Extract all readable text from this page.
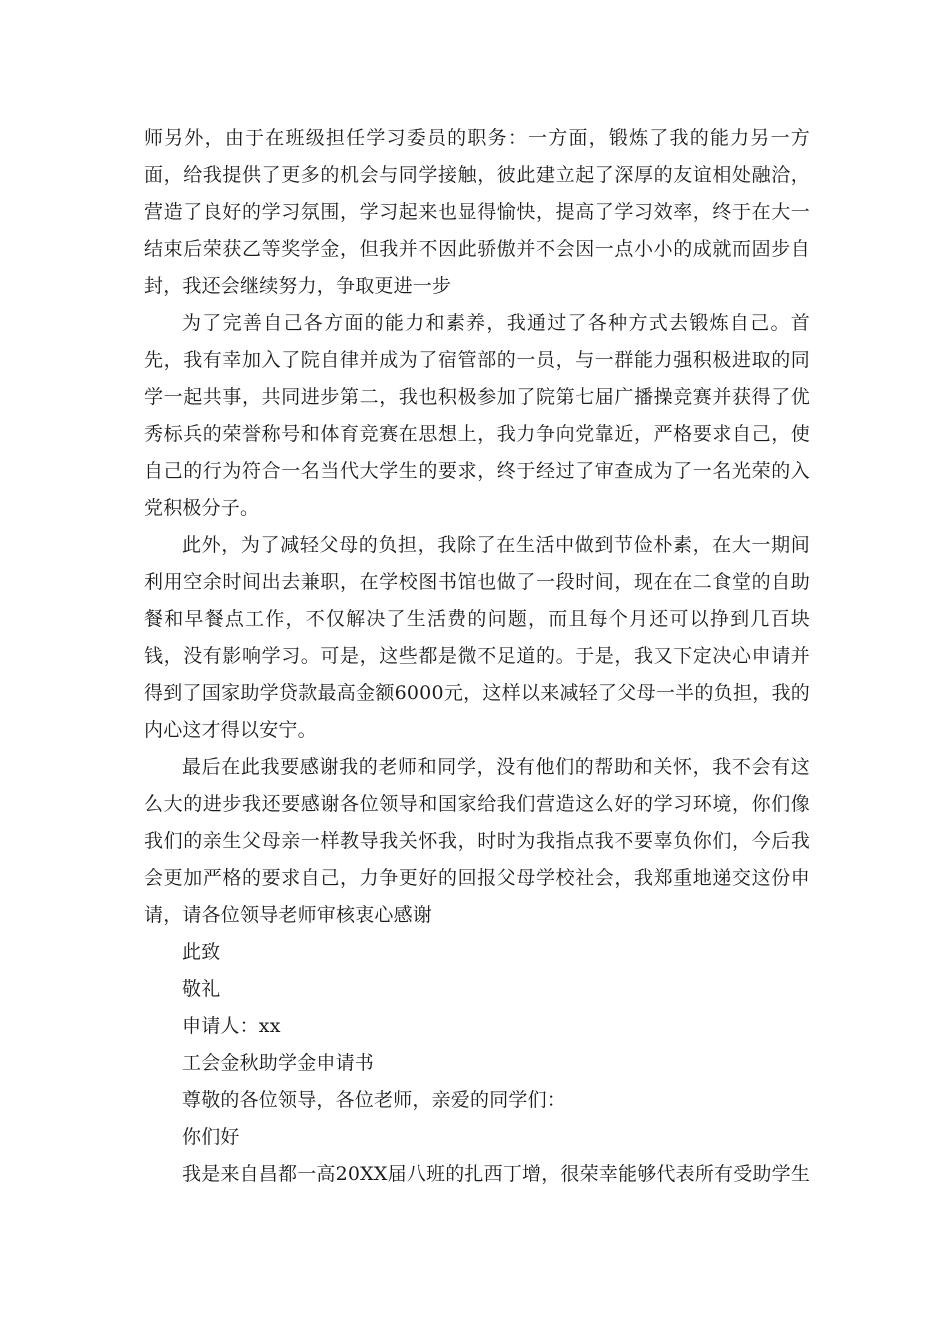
师另外，由于在班级担任学习委员的职务：一方面，锻炼了我的能力另一方面，给我提供了更多的机会与同学接触，彼此建立起了深厚的友谊相处融洽，营造了良好的学习氛围，学习起来也显得愉快，提高了学习效率，终于在大一结束后荣获乙等奖学金，但我并不因此骄傲并不会因一点小小的成就而固步自封，我还会继续努力，争取更进一步

为了完善自己各方面的能力和素养，我通过了各种方式去锻炼自己。首先，我有幸加入了院自律并成为了宿管部的一员，与一群能力强积极进取的同学一起共事，共同进步第二，我也积极参加了院第七届广播操竞赛并获得了优秀标兵的荣誉称号和体育竞赛在思想上，我力争向党靠近，严格要求自己，使自己的行为符合一名当代大学生的要求，终于经过了审查成为了一名光荣的入党积极分子。

此外，为了减轻父母的负担，我除了在生活中做到节俭朴素，在大一期间利用空余时间出去兼职，在学校图书馆也做了一段时间，现在在二食堂的自助餐和早餐点工作，不仅解决了生活费的问题，而且每个月还可以挣到几百块钱，没有影响学习。可是，这些都是微不足道的。于是，我又下定决心申请并得到了国家助学贷款最高金额6000元，这样以来减轻了父母一半的负担，我的内心这才得以安宁。

最后在此我要感谢我的老师和同学，没有他们的帮助和关怀，我不会有这么大的进步我还要感谢各位领导和国家给我们营造这么好的学习环境，你们像我们的亲生父母亲一样教导我关怀我，时时为我指点我不要辜负你们，今后我会更加严格的要求自己，力争更好的回报父母学校社会，我郑重地递交这份申请，请各位领导老师审核衷心感谢

此致

敬礼

申请人：xx

工会金秋助学金申请书

尊敬的各位领导，各位老师，亲爱的同学们：

你们好

我是来自昌都一高20XX届八班的扎西丁增，很荣幸能够代表所有受助学生
